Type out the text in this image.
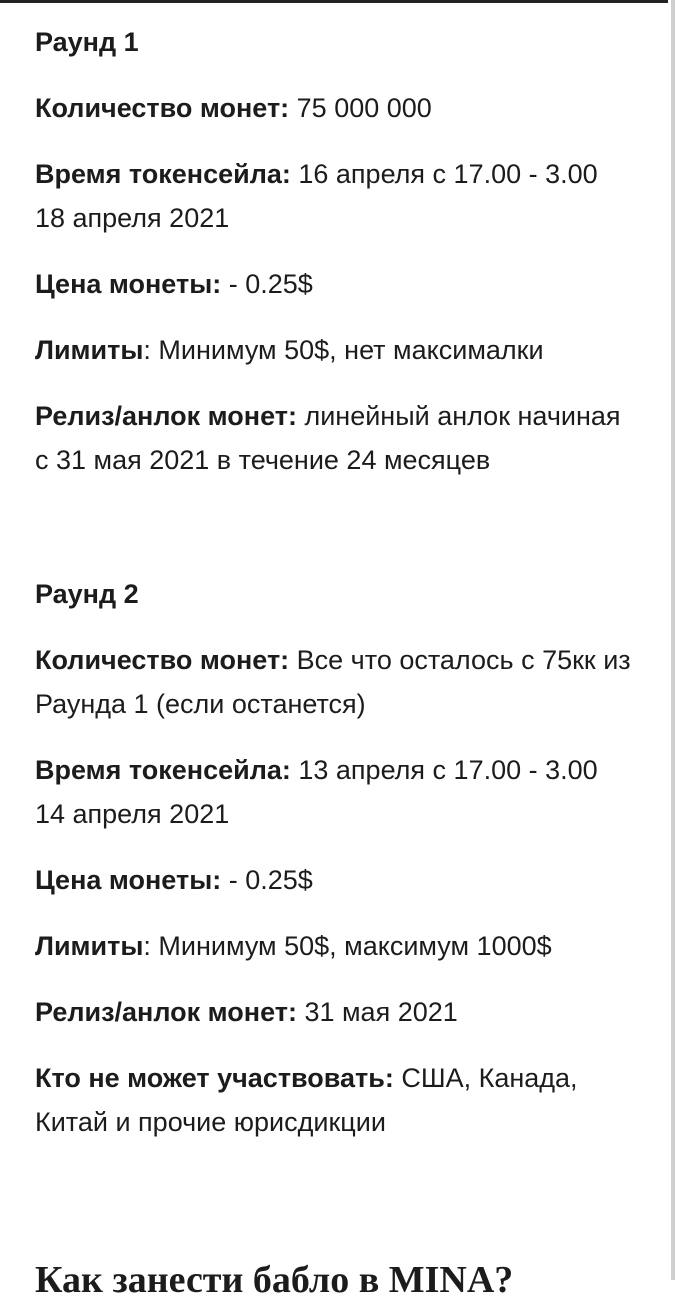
Раунд 1

Количество монет: 75 000 000

Время токенсейла: 16 апреля с 17.00 - 3.00 18 апреля 2021

Цена монеты: - 0.25$

Лимиты: Минимум 50$, нет максималки

Релиз/анлок монет: линейный анлок начиная с 31 мая 2021 в течение 24 месяцев

Раунд 2

Количество монет: Все что осталось с 75кк из Раунда 1 (если останется)

Время токенсейла: 13 апреля с 17.00 - 3.00 14 апреля 2021

Цена монеты: - 0.25$

Лимиты: Минимум 50$, максимум 1000$

Релиз/анлок монет: 31 мая 2021

Кто не может участвовать: США, Канада, Китай и прочие юрисдикции

Как занести бабло в MINA?
